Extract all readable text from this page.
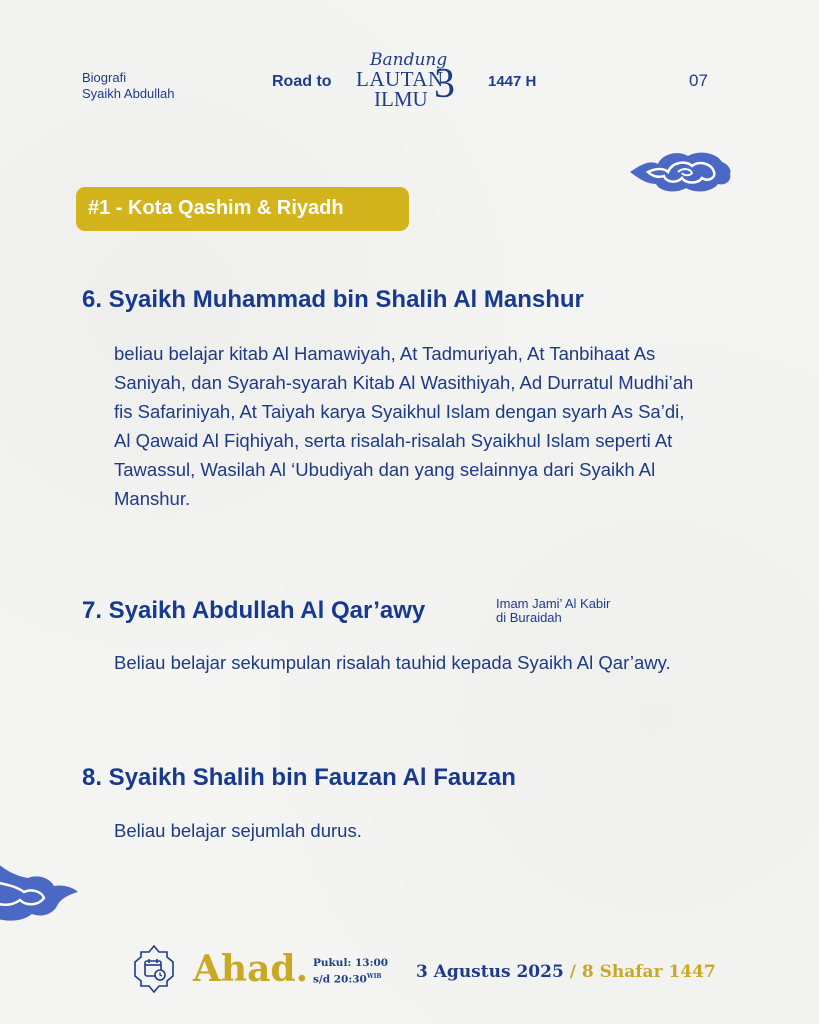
Biografi
Syaikh Abdullah
Road to
Bandung
LAUTAN
ILMU 3 1447 H	07
#1 - Kota Qashim & Riyadh
6. Syaikh Muhammad bin Shalih Al Manshur

beliau belajar kitab Al Hamawiyah, At Tadmuriyah, At Tanbihaat As Saniyah, dan Syarah-syarah Kitab Al Wasithiyah, Ad Durratul Mudhi’ah fis Safariniyah, At Taiyah karya Syaikhul Islam dengan syarh As Sa’di, Al Qawaid Al Fiqhiyah, serta risalah-risalah Syaikhul Islam seperti At Tawassul, Wasilah Al ‘Ubudiyah dan yang selainnya dari Syaikh Al Manshur.

7. Syaikh Abdullah Al Qar’awy	Imam Jami’ Al Kabir
di Buraidah

Beliau belajar sekumpulan risalah tauhid kepada Syaikh Al Qar’awy.

8. Syaikh Shalih bin Fauzan Al Fauzan

Beliau belajar sejumlah durus.

Ahad. Pukul: 13:00
s/d $20:30^{WIB}$	3 Agustus 2025 / 8 Shafar 1447
